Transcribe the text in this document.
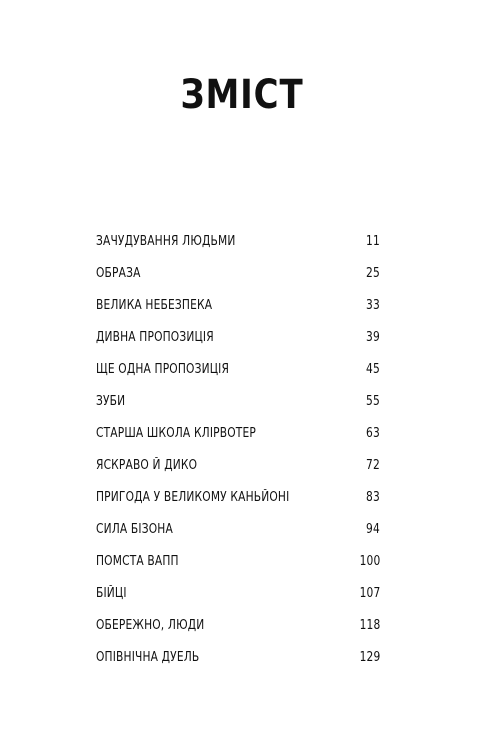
ЗМІСТ
ЗАЧУДУВАННЯ ЛЮДЬМИ	11
ОБРАЗА	25
ВЕЛИКА НЕБЕЗПЕКА	33
ДИВНА ПРОПОЗИЦІЯ	39
ЩЕ ОДНА ПРОПОЗИЦІЯ	45
ЗУБИ	55
СТАРША ШКОЛА КЛІРВОТЕР	63
ЯСКРАВО Й ДИКО	72
ПРИГОДА У ВЕЛИКОМУ КАНЬЙОНІ	83
СИЛА БІЗОНА	94
ПОМСТА ВАПП	100
БІЙЦІ	107
ОБЕРЕЖНО, ЛЮДИ	118
ОПІВНІЧНА ДУЕЛЬ	129
